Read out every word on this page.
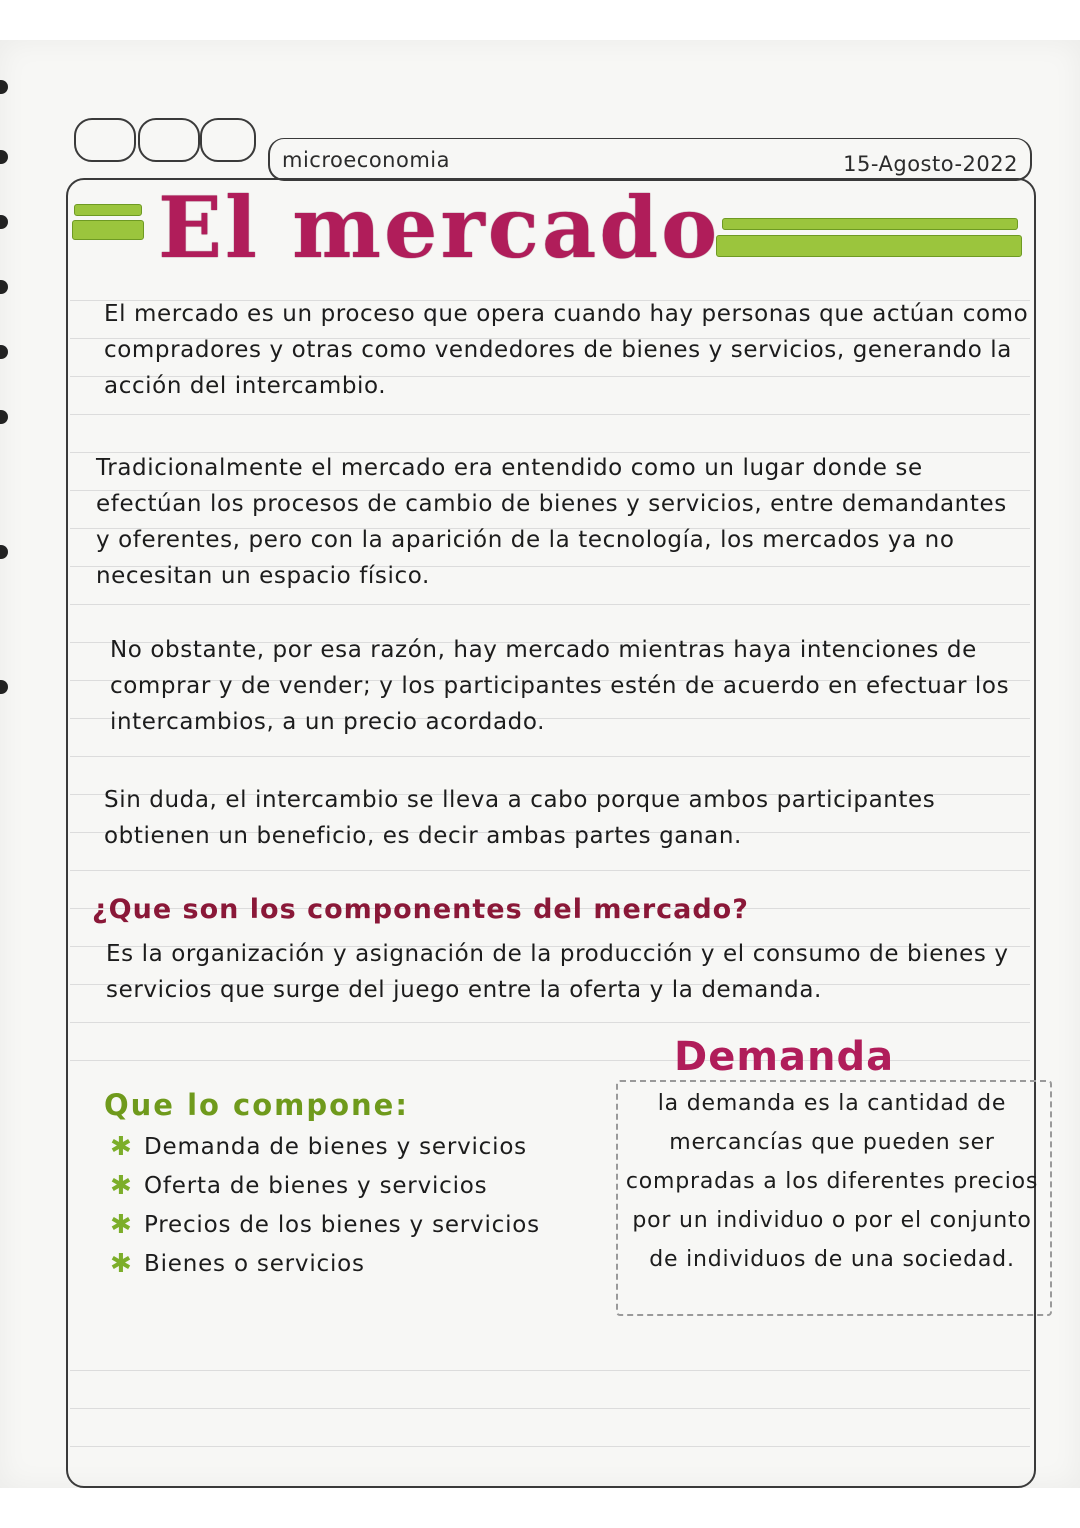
microeconomia	15-Agosto-2022
El mercado

El mercado es un proceso que opera cuando hay personas que actúan como compradores y otras como vendedores de bienes y servicios, generando la acción del intercambio.

Tradicionalmente el mercado era entendido como un lugar donde se efectúan los procesos de cambio de bienes y servicios, entre demandantes y oferentes, pero con la aparición de la tecnología, los mercados ya no necesitan un espacio físico.

No obstante, por esa razón, hay mercado mientras haya intenciones de comprar y de vender; y los participantes estén de acuerdo en efectuar los intercambios, a un precio acordado.

Sin duda, el intercambio se lleva a cabo porque ambos participantes obtienen un beneficio, es decir ambas partes ganan.

¿Que son los componentes del mercado?

Es la organización y asignación de la producción y el consumo de bienes y servicios que surge del juego entre la oferta y la demanda.

Que lo compone:
✱ Demanda de bienes y servicios
✱ Oferta de bienes y servicios
✱ Precios de los bienes y servicios
✱ Bienes o servicios
Demanda
la demanda es la cantidad de mercancías que pueden ser compradas a los diferentes precios por un individuo o por el conjunto de individuos de una sociedad.
